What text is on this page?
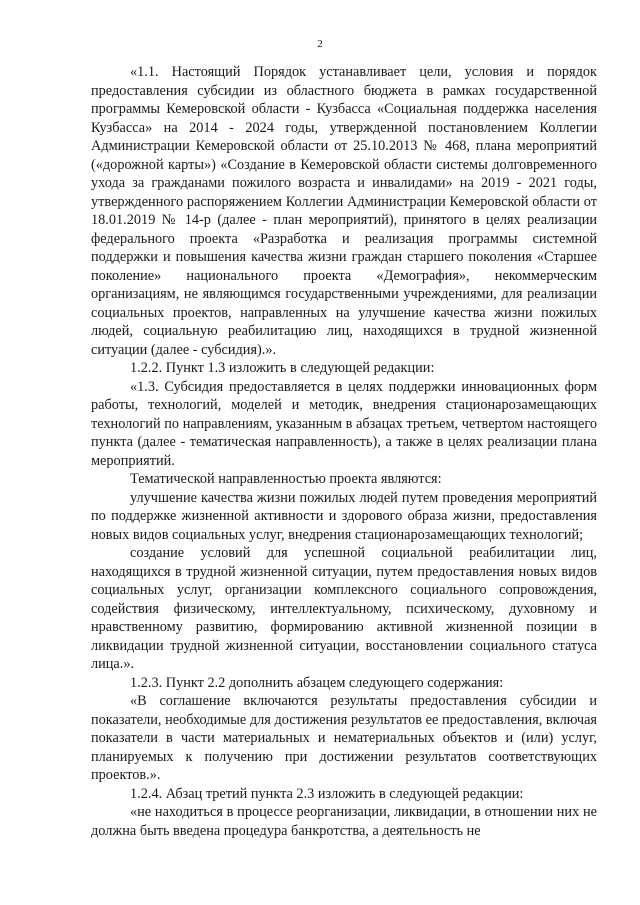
2

«1.1. Настоящий Порядок устанавливает цели, условия и порядок предоставления субсидии из областного бюджета в рамках государственной программы Кемеровской области - Кузбасса «Социальная поддержка населения Кузбасса» на 2014 - 2024 годы, утвержденной постановлением Коллегии Администрации Кемеровской области от 25.10.2013 № 468, плана мероприятий («дорожной карты») «Создание в Кемеровской области системы долговременного ухода за гражданами пожилого возраста и инвалидами» на 2019 - 2021 годы, утвержденного распоряжением Коллегии Администрации Кемеровской области от 18.01.2019 № 14-р (далее - план мероприятий), принятого в целях реализации федерального проекта «Разработка и реализация программы системной поддержки и повышения качества жизни граждан старшего поколения «Старшее поколение» национального проекта «Демография», некоммерческим организациям, не являющимся государственными учреждениями, для реализации социальных проектов, направленных на улучшение качества жизни пожилых людей, социальную реабилитацию лиц, находящихся в трудной жизненной ситуации (далее - субсидия).».

1.2.2. Пункт 1.3 изложить в следующей редакции:

«1.3. Субсидия предоставляется в целях поддержки инновационных форм работы, технологий, моделей и методик, внедрения стационарозамещающих технологий по направлениям, указанным в абзацах третьем, четвертом настоящего пункта (далее - тематическая направленность), а также в целях реализации плана мероприятий.

Тематической направленностью проекта являются:

улучшение качества жизни пожилых людей путем проведения мероприятий по поддержке жизненной активности и здорового образа жизни, предоставления новых видов социальных услуг, внедрения стационарозамещающих технологий;

создание условий для успешной социальной реабилитации лиц, находящихся в трудной жизненной ситуации, путем предоставления новых видов социальных услуг, организации комплексного социального сопровождения, содействия физическому, интеллектуальному, психическому, духовному и нравственному развитию, формированию активной жизненной позиции в ликвидации трудной жизненной ситуации, восстановлении социального статуса лица.».

1.2.3. Пункт 2.2 дополнить абзацем следующего содержания:

«В соглашение включаются результаты предоставления субсидии и показатели, необходимые для достижения результатов ее предоставления, включая показатели в части материальных и нематериальных объектов и (или) услуг, планируемых к получению при достижении результатов соответствующих проектов.».

1.2.4. Абзац третий пункта 2.3 изложить в следующей редакции:

«не находиться в процессе реорганизации, ликвидации, в отношении них не должна быть введена процедура банкротства, а деятельность не
